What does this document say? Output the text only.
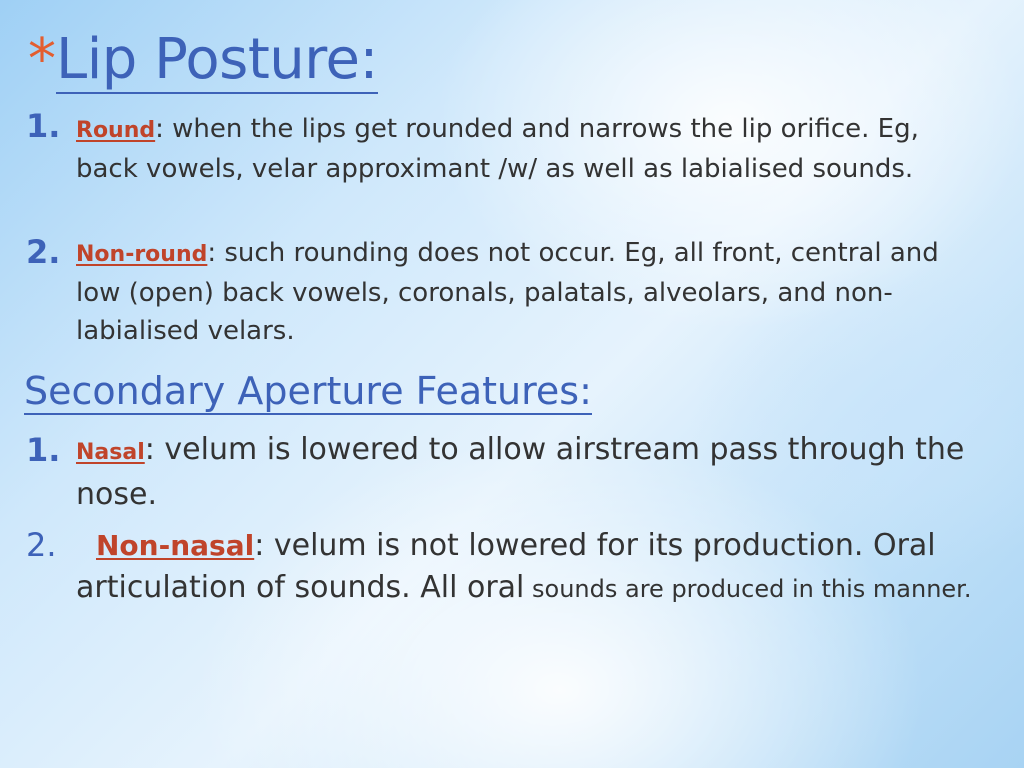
*Lip Posture:
1. Round: when the lips get rounded and narrows the lip orifice. Eg, back vowels, velar approximant /w/ as well as labialised sounds.

2. Non-round: such rounding does not occur. Eg, all front, central and low (open) back vowels, coronals, palatals, alveolars, and non-labialised velars.

Secondary Aperture Features:
1. Nasal: velum is lowered to allow airstream pass through the nose.

2.	Non-nasal: velum is not lowered for its production. Oral articulation of sounds. All oral sounds are produced in this manner.
